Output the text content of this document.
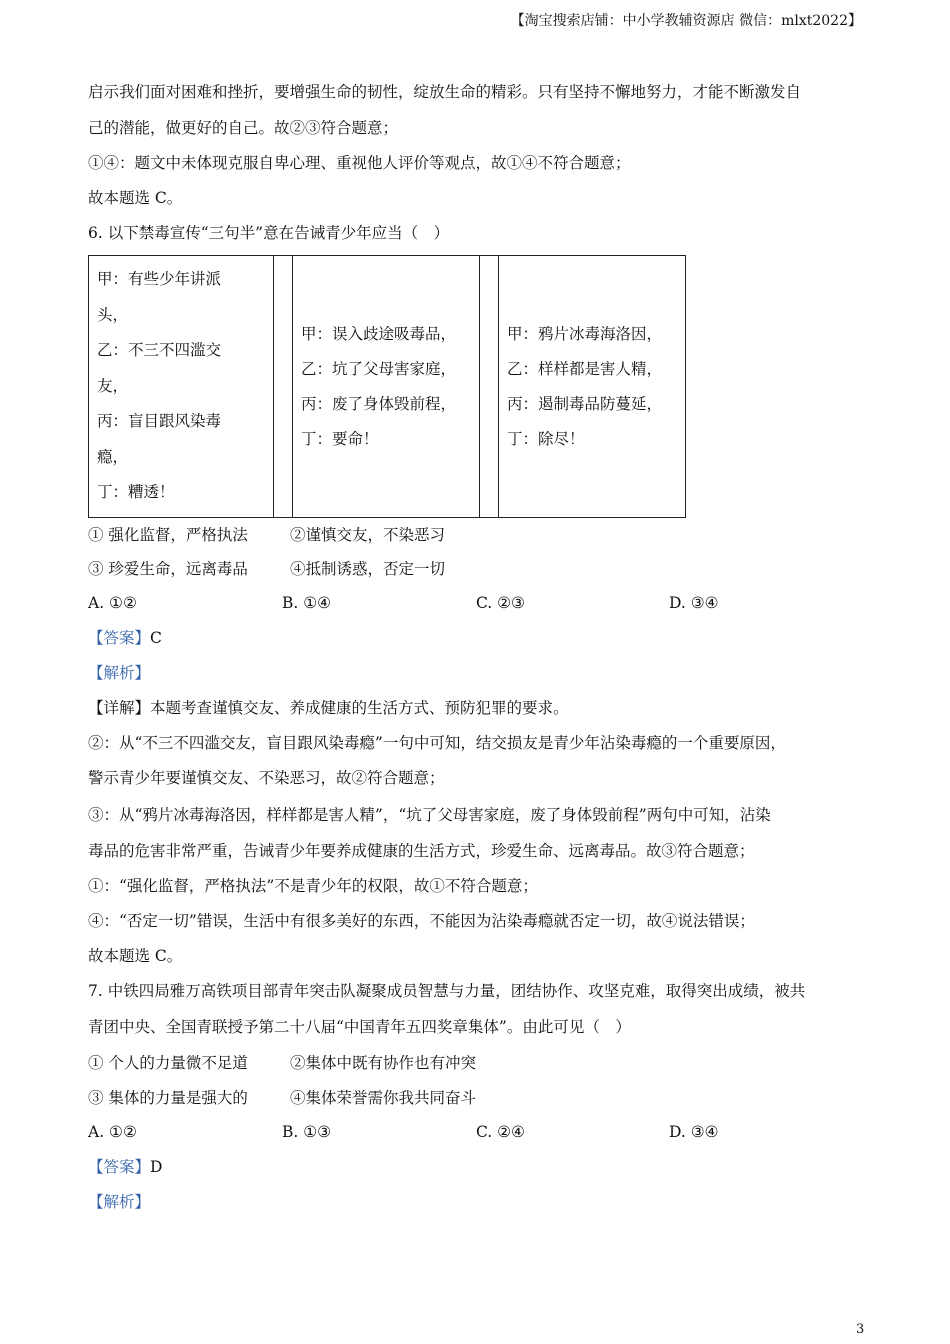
【淘宝搜索店铺：中小学教辅资源店 微信：mlxt2022】
启示我们面对困难和挫折，要增强生命的韧性，绽放生命的精彩。只有坚持不懈地努力，才能不断激发自
己的潜能，做更好的自己。故②③符合题意；
①④：题文中未体现克服自卑心理、重视他人评价等观点，故①④不符合题意；
故本题选 C。
6. 以下禁毒宣传“三句半”意在告诫青少年应当（　）
甲：有些少年讲派
头，
乙：不三不四滥交
友，
丙：盲目跟风染毒
瘾，
丁：糟透！

甲：误入歧途吸毒品，
乙：坑了父母害家庭，
丙：废了身体毁前程，
丁：要命！

甲：鸦片冰毒海洛因，
乙：样样都是害人精，
丙：遏制毒品防蔓延，
丁：除尽！
① 强化监督，严格执法	②谨慎交友，不染恶习
③ 珍爱生命，远离毒品	④抵制诱惑，否定一切
A. ①②	B. ①④	C. ②③	D. ③④
【答案】C
【解析】
【详解】本题考查谨慎交友、养成健康的生活方式、预防犯罪的要求。
②：从“不三不四滥交友，盲目跟风染毒瘾”一句中可知，结交损友是青少年沾染毒瘾的一个重要原因，
警示青少年要谨慎交友、不染恶习，故②符合题意；
③：从“鸦片冰毒海洛因，样样都是害人精”，“坑了父母害家庭，废了身体毁前程”两句中可知，沾染
毒品的危害非常严重，告诫青少年要养成健康的生活方式，珍爱生命、远离毒品。故③符合题意；
①：“强化监督，严格执法”不是青少年的权限，故①不符合题意；
④：“否定一切”错误，生活中有很多美好的东西，不能因为沾染毒瘾就否定一切，故④说法错误；
故本题选 C。
7. 中铁四局雅万高铁项目部青年突击队凝聚成员智慧与力量，团结协作、攻坚克难，取得突出成绩，被共
青团中央、全国青联授予第二十八届“中国青年五四奖章集体”。由此可见（　）
① 个人的力量微不足道	②集体中既有协作也有冲突
③ 集体的力量是强大的	④集体荣誉需你我共同奋斗
A. ①②	B. ①③	C. ②④	D. ③④
【答案】D
【解析】
3
